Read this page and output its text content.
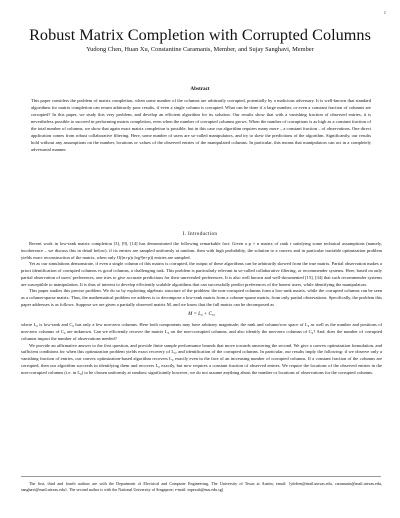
1
Robust Matrix Completion with Corrupted Columns
Yudong Chen, Huan Xu, Constantine Caramanis, Member, and Sujay Sanghavi, Member
Abstract
This paper considers the problem of matrix completion, when some number of the columns are arbitrarily corrupted, potentially by a malicious adversary. It is well-known that standard algorithms for matrix completion can return arbitrarily poor results, if even a single column is corrupted. What can be done if a large number, or even a constant fraction of columns are corrupted? In this paper, we study this very problem, and develop an efficient algorithm for its solution. Our results show that with a vanishing fraction of observed entries, it is nevertheless possible to succeed in performing matrix completion, even when the number of corrupted columns grows. When the number of corruptions is as high as a constant fraction of the total number of columns, we show that again exact matrix completion is possible, but in this case our algorithm requires many more – a constant fraction – of observations. One direct application comes from robust collaborative filtering. Here, some number of users are so-called manipulators, and try to skew the predictions of the algorithm. Significantly, our results hold without any assumptions on the number, locations or values of the observed entries of the manipulated columns. In particular, this means that manipulators can act in a completely adversarial manner.
I. Introduction

Recent work in low-rank matrix completion [3], [9], [14] has demonstrated the following remarkable fact: Given a p × n matrix of rank r satisfying some technical assumptions (namely, incoherence – we discuss this in detail below), if its entries are sampled uniformly at random, then with high probability, the solution to a convex and in particular tractable optimization problem yields exact reconstruction of the matrix, when only O((n+p)r log²(n+p)) entries are sampled.

Yet as our simulations demonstrate, if even a single column of this matrix is corrupted, the output of these algorithms can be arbitrarily skewed from the true matrix. Partial observation makes a priori identification of corrupted columns vs good columns, a challenging task. This problem is particularly relevant in so-called collaborative filtering, or recommender systems. Here, based on only partial observation of users' preferences, one tries to give accurate predictions for their unrevealed preferences. It is also well known and well-documented [15], [34] that such recommender systems are susceptible to manipulation. It is thus of interest to develop efficiently scalable algorithms that can successfully predict preferences of the honest users, while identifying the manipulators.

This paper studies this precise problem. We do so by exploiting algebraic structure of the problem: the non-corrupted columns form a low-rank matrix, while the corrupted columns can be seen as a column-sparse matrix. Thus, the mathematical problem we address is to decompose a low-rank matrix from a column-sparse matrix, from only partial observations. Specifically, the problem this paper addresses is as follows. Suppose we are given a partially observed matrix M, and we know that the full matrix can be decomposed as

M = L₀ + C₀,

where L₀ is low-rank and C₀ has only a few non-zero columns. Here both components may have arbitrary magnitude; the rank and column/row space of L₀ as well as the number and positions of non-zero columns of C₀ are unknown. Can we efficiently recover the matrix L₀ on the non-corrupted columns, and also identify the non-zero columns of C₀? And, does the number of corrupted columns impact the number of observations needed?

We provide an affirmative answer to the first question, and provide finite sample performance bounds that move towards answering the second. We give a convex optimization formulation, and sufficient conditions for when this optimization problem yields exact recovery of L₀, and identification of the corrupted columns. In particular, our results imply the following: if we observe only a vanishing fraction of entries, our convex optimization-based algorithm recovers L₀ exactly even in the face of an increasing number of corrupted columns. If a constant fraction of the columns are corrupted, then our algorithm succeeds in identifying them and recovers L₀ exactly, but now requires a constant fraction of observed entries. We require the locations of the observed entries in the non-corrupted columns (i.e. in L₀) to be chosen uniformly at random; significantly however, we do not assume anything about the number or locations of observations for the corrupted columns.

The first, third and fourth authors are with the Department of Electrical and Computer Engineering, The University of Texas at Austin; email: {ydchen@mail.utexas.edu, caramanis@mail.utexas.edu, sanghavi@mail.utexas.edu}. The second author is with the National University of Singapore; e-mail: mpexuh@nus.edu.sg)
